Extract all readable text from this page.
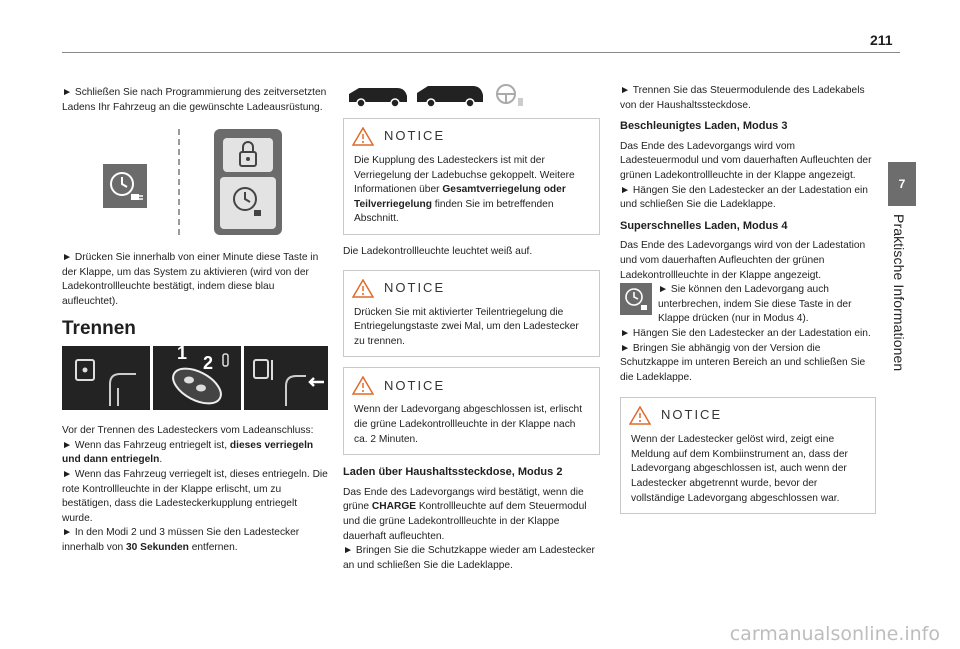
211
7
Praktische Informationen

► Schließen Sie nach Programmierung des zeitversetzten Ladens Ihr Fahrzeug an die gewünschte Ladeausrüstung.

► Drücken Sie innerhalb von einer Minute diese Taste in der Klappe, um das System zu aktivieren (wird von der Ladekontrollleuchte bestätigt, indem diese blau aufleuchtet).

Trennen
1 2

Vor der Trennen des Ladesteckers vom Ladeanschluss:

► Wenn das Fahrzeug entriegelt ist, dieses verriegeln und dann entriegeln.

► Wenn das Fahrzeug verriegelt ist, dieses entriegeln. Die rote Kontrollleuchte in der Klappe erlischt, um zu bestätigen, dass die Ladesteckerkupplung entriegelt wurde.

► In den Modi 2 und 3 müssen Sie den Ladestecker innerhalb von 30 Sekunden entfernen.

NOTICE

Die Kupplung des Ladesteckers ist mit der Verriegelung der Ladebuchse gekoppelt. Weitere Informationen über Gesamtverriegelung oder Teilverriegelung finden Sie im betreffenden Abschnitt.

Die Ladekontrollleuchte leuchtet weiß auf.

NOTICE

Drücken Sie mit aktivierter Teilentriegelung die Entriegelungstaste zwei Mal, um den Ladestecker zu trennen.

NOTICE

Wenn der Ladevorgang abgeschlossen ist, erlischt die grüne Ladekontrollleuchte in der Klappe nach ca. 2 Minuten.

Laden über Haushaltssteckdose, Modus 2

Das Ende des Ladevorgangs wird bestätigt, wenn die grüne CHARGE Kontrollleuchte auf dem Steuermodul und die grüne Ladekontrollleuchte in der Klappe dauerhaft aufleuchten.

► Bringen Sie die Schutzkappe wieder am Ladestecker an und schließen Sie die Ladeklappe.

► Trennen Sie das Steuermodulende des Ladekabels von der Haushaltssteckdose.

Beschleunigtes Laden, Modus 3

Das Ende des Ladevorgangs wird vom Ladesteuermodul und vom dauerhaften Aufleuchten der grünen Ladekontrollleuchte in der Klappe angezeigt.

► Hängen Sie den Ladestecker an der Ladestation ein und schließen Sie die Ladeklappe.

Superschnelles Laden, Modus 4

Das Ende des Ladevorgangs wird von der Ladestation und vom dauerhaften Aufleuchten der grünen Ladekontrollleuchte in der Klappe angezeigt.

► Sie können den Ladevorgang auch unterbrechen, indem Sie diese Taste in der Klappe drücken (nur in Modus 4).

► Hängen Sie den Ladestecker an der Ladestation ein.

► Bringen Sie abhängig von der Version die Schutzkappe im unteren Bereich an und schließen Sie die Ladeklappe.

NOTICE

Wenn der Ladestecker gelöst wird, zeigt eine Meldung auf dem Kombiinstrument an, dass der Ladevorgang abgeschlossen ist, auch wenn der Ladestecker abgetrennt wurde, bevor der vollständige Ladevorgang abgeschlossen war.

carmanualsonline.info
